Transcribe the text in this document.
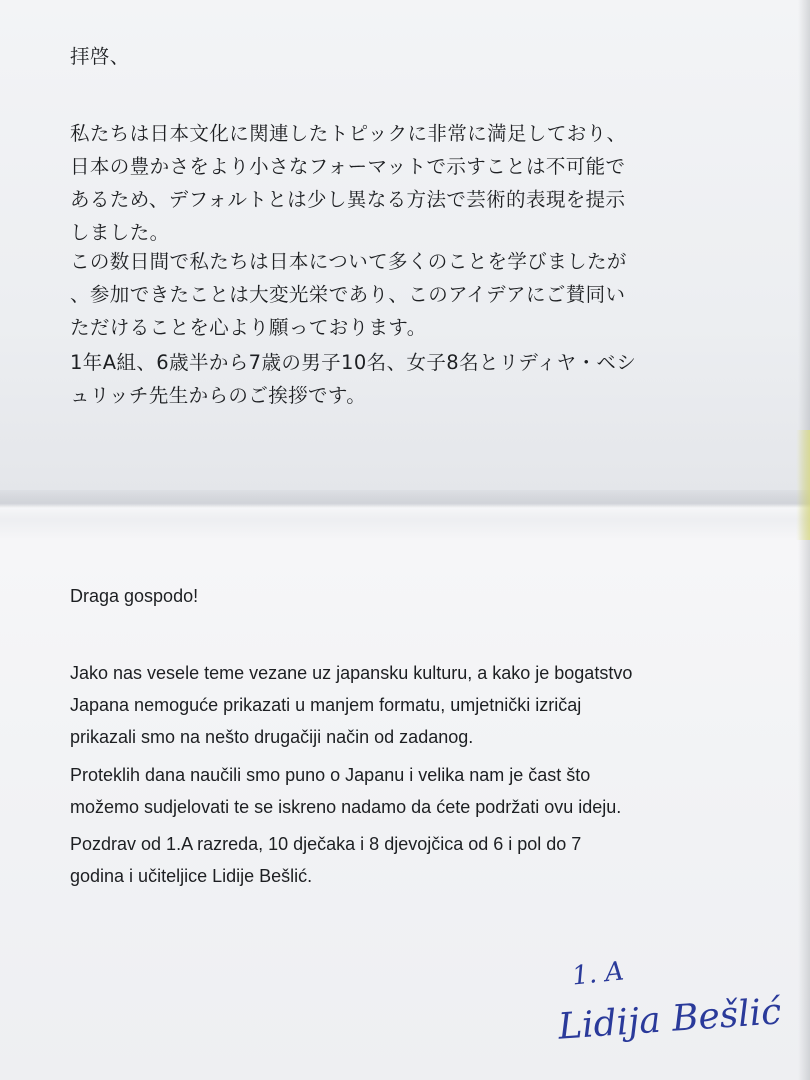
拝啓、
私たちは日本文化に関連したトピックに非常に満足しており、
日本の豊かさをより小さなフォーマットで示すことは不可能で
あるため、デフォルトとは少し異なる方法で芸術的表現を提示
しました。
この数日間で私たちは日本について多くのことを学びましたが
、参加できたことは大変光栄であり、このアイデアにご賛同い
ただけることを心より願っております。
1年A組、6歳半から7歳の男子10名、女子8名とリディヤ・ベシ
ュリッチ先生からのご挨拶です。
Draga gospodo!
Jako nas vesele teme vezane uz japansku kulturu, a kako je bogatstvo
Japana nemoguće prikazati u manjem formatu, umjetnički izričaj
prikazali smo na nešto drugačiji način od zadanog.
Proteklih dana naučili smo puno o Japanu i velika nam je čast što
možemo sudjelovati te se iskreno nadamo da ćete podržati ovu ideju.
Pozdrav od 1.A razreda, 10 dječaka i 8 djevojčica od 6 i pol do 7
godina i učiteljice Lidije Bešlić.
1. A
Lidija Bešlić
